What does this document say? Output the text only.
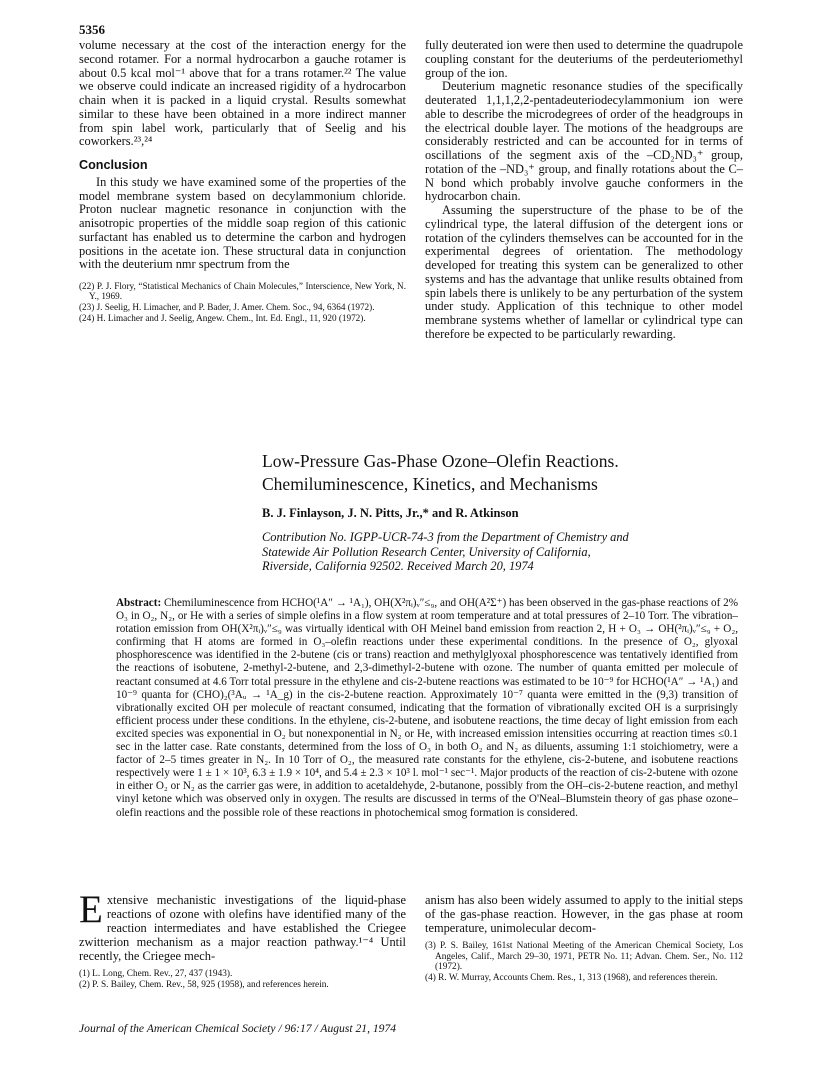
5356

volume necessary at the cost of the interaction energy for the second rotamer. For a normal hydrocarbon a gauche rotamer is about 0.5 kcal mol⁻¹ above that for a trans rotamer.²² The value we observe could indicate an increased rigidity of a hydrocarbon chain when it is packed in a liquid crystal. Results somewhat similar to these have been obtained in a more indirect manner from spin label work, particularly that of Seelig and his coworkers.²³,²⁴

Conclusion

In this study we have examined some of the properties of the model membrane system based on decylammonium chloride. Proton nuclear magnetic resonance in conjunction with the anisotropic properties of the middle soap region of this cationic surfactant has enabled us to determine the carbon and hydrogen positions in the acetate ion. These structural data in conjunction with the deuterium nmr spectrum from the

(22) P. J. Flory, “Statistical Mechanics of Chain Molecules,” Interscience, New York, N. Y., 1969.

(23) J. Seelig, H. Limacher, and P. Bader, J. Amer. Chem. Soc., 94, 6364 (1972).

(24) H. Limacher and J. Seelig, Angew. Chem., Int. Ed. Engl., 11, 920 (1972).

fully deuterated ion were then used to determine the quadrupole coupling constant for the deuteriums of the perdeuteriomethyl group of the ion.

Deuterium magnetic resonance studies of the specifically deuterated 1,1,1,2,2-pentadeuteriodecylammonium ion were able to describe the microdegrees of order of the headgroups in the electrical double layer. The motions of the headgroups are considerably restricted and can be accounted for in terms of oscillations of the segment axis of the –CD₂ND₃⁺ group, rotation of the –ND₃⁺ group, and finally rotations about the C–N bond which probably involve gauche conformers in the hydrocarbon chain.

Assuming the superstructure of the phase to be of the cylindrical type, the lateral diffusion of the detergent ions or rotation of the cylinders themselves can be accounted for in the experimental degrees of orientation. The methodology developed for treating this system can be generalized to other systems and has the advantage that unlike results obtained from spin labels there is unlikely to be any perturbation of the system under study. Application of this technique to other model membrane systems whether of lamellar or cylindrical type can therefore be expected to be particularly rewarding.

Low-Pressure Gas-Phase Ozone–Olefin Reactions.
Chemiluminescence, Kinetics, and Mechanisms
B. J. Finlayson, J. N. Pitts, Jr.,* and R. Atkinson
Contribution No. IGPP-UCR-74-3 from the Department of Chemistry and
Statewide Air Pollution Research Center, University of California,
Riverside, California 92502. Received March 20, 1974
Abstract: Chemiluminescence from HCHO(¹A″ → ¹A₁), OH(X²πᵢ)ᵥ″≤₉, and OH(A²Σ⁺) has been observed in the gas-phase reactions of 2% O₃ in O₂, N₂, or He with a series of simple olefins in a flow system at room temperature and at total pressures of 2–10 Torr. The vibration–rotation emission from OH(X²πᵢ)ᵥ″≤₉ was virtually identical with OH Meinel band emission from reaction 2, H + O₃ → OH(²πᵢ)ᵥ″≤₉ + O₂, confirming that H atoms are formed in O₃–olefin reactions under these experimental conditions. In the presence of O₂, glyoxal phosphorescence was identified in the 2-butene (cis or trans) reaction and methylglyoxal phosphorescence was tentatively identified from the reactions of isobutene, 2-methyl-2-butene, and 2,3-dimethyl-2-butene with ozone. The number of quanta emitted per molecule of reactant consumed at 4.6 Torr total pressure in the ethylene and cis-2-butene reactions was estimated to be 10⁻⁹ for HCHO(¹A″ → ¹A₁) and 10⁻⁹ quanta for (CHO)₂(³Aᵤ → ¹A_g) in the cis-2-butene reaction. Approximately 10⁻⁷ quanta were emitted in the (9,3) transition of vibrationally excited OH per molecule of reactant consumed, indicating that the formation of vibrationally excited OH is a surprisingly efficient process under these conditions. In the ethylene, cis-2-butene, and isobutene reactions, the time decay of light emission from each excited species was exponential in O₂ but nonexponential in N₂ or He, with increased emission intensities occurring at reaction times ≤0.1 sec in the latter case. Rate constants, determined from the loss of O₃ in both O₂ and N₂ as diluents, assuming 1:1 stoichiometry, were a factor of 2–5 times greater in N₂. In 10 Torr of O₂, the measured rate constants for the ethylene, cis-2-butene, and isobutene reactions respectively were 1 ± 1 × 10³, 6.3 ± 1.9 × 10⁴, and 5.4 ± 2.3 × 10³ l. mol⁻¹ sec⁻¹. Major products of the reaction of cis-2-butene with ozone in either O₂ or N₂ as the carrier gas were, in addition to acetaldehyde, 2-butanone, possibly from the OH–cis-2-butene reaction, and methyl vinyl ketone which was observed only in oxygen. The results are discussed in terms of the O'Neal–Blumstein theory of gas phase ozone–olefin reactions and the possible role of these reactions in photochemical smog formation is considered.
E xtensive mechanistic investigations of the liquid-phase reactions of ozone with olefins have identified many of the reaction intermediates and have established the Criegee zwitterion mechanism as a major reaction pathway.¹⁻⁴ Until recently, the Criegee mech-

(1) L. Long, Chem. Rev., 27, 437 (1943).

(2) P. S. Bailey, Chem. Rev., 58, 925 (1958), and references herein.

anism has also been widely assumed to apply to the initial steps of the gas-phase reaction. However, in the gas phase at room temperature, unimolecular decom-

(3) P. S. Bailey, 161st National Meeting of the American Chemical Society, Los Angeles, Calif., March 29–30, 1971, PETR No. 11; Advan. Chem. Ser., No. 112 (1972).

(4) R. W. Murray, Accounts Chem. Res., 1, 313 (1968), and references therein.

Journal of the American Chemical Society / 96:17 / August 21, 1974
